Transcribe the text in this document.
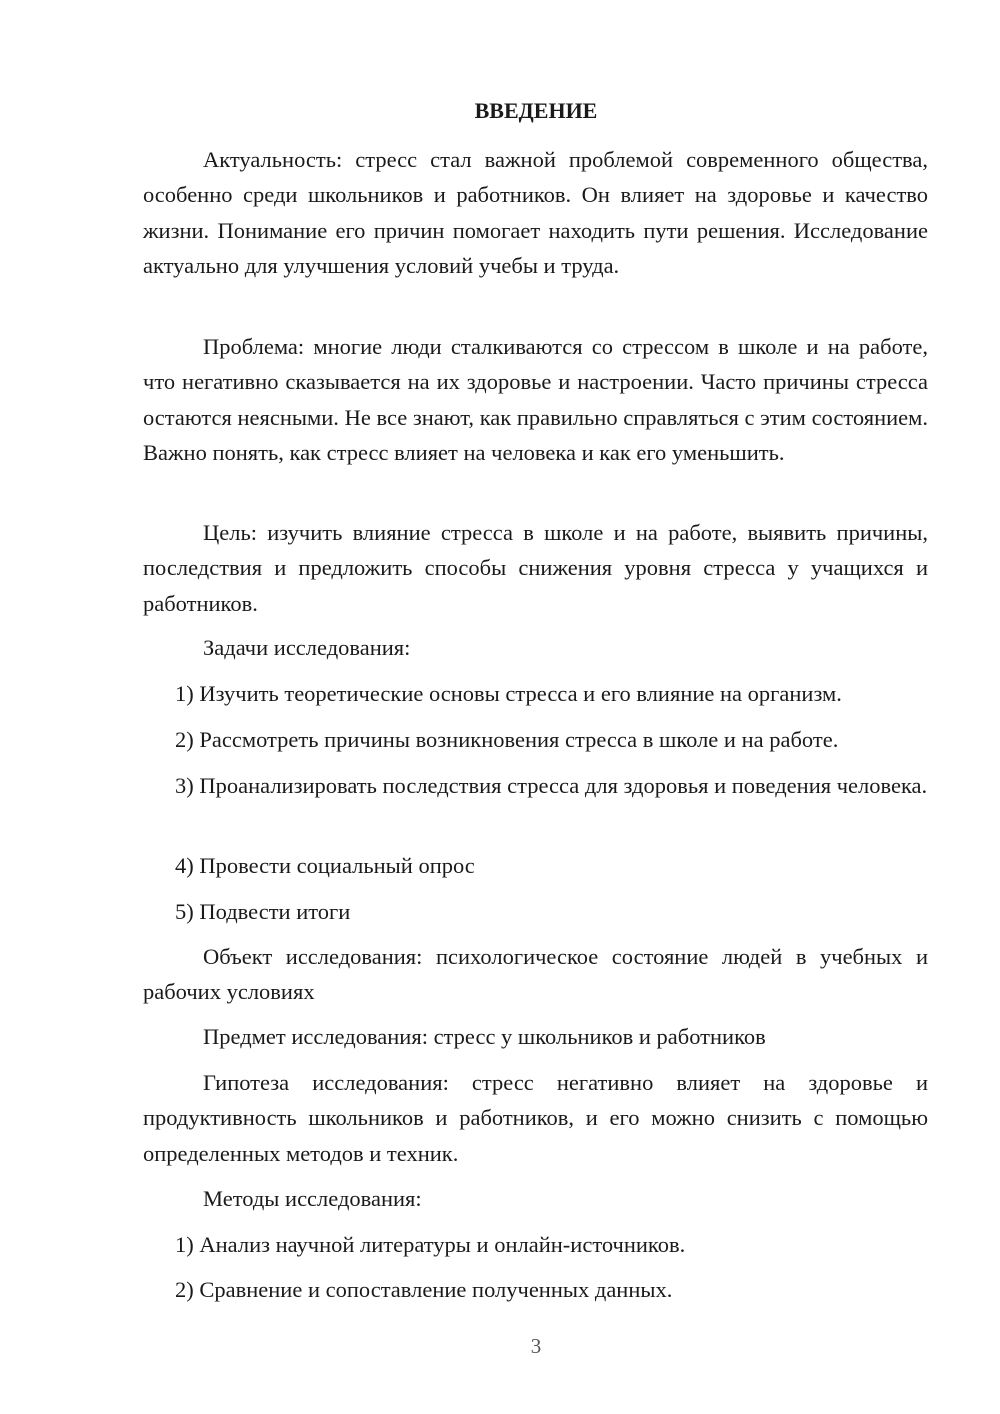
ВВЕДЕНИЕ

Актуальность: стресс стал важной проблемой современного общества, особенно среди школьников и работников. Он влияет на здоровье и качество жизни. Понимание его причин помогает находить пути решения. Исследование актуально для улучшения условий учебы и труда.

Проблема: многие люди сталкиваются со стрессом в школе и на работе, что негативно сказывается на их здоровье и настроении. Часто причины стресса остаются неясными. Не все знают, как правильно справляться с этим состоянием. Важно понять, как стресс влияет на человека и как его уменьшить.

Цель: изучить влияние стресса в школе и на работе, выявить причины, последствия и предложить способы снижения уровня стресса у учащихся и работников.

Задачи исследования:

1) Изучить теоретические основы стресса и его влияние на организм.

2) Рассмотреть причины возникновения стресса в школе и на работе.

3) Проанализировать последствия стресса для здоровья и поведения человека.

4) Провести социальный опрос

5) Подвести итоги

Объект исследования: психологическое состояние людей в учебных и рабочих условиях

Предмет исследования: стресс у школьников и работников

Гипотеза исследования: стресс негативно влияет на здоровье и продуктивность школьников и работников, и его можно снизить с помощью определенных методов и техник.

Методы исследования:

1) Анализ научной литературы и онлайн-источников.

2) Сравнение и сопоставление полученных данных.

3
